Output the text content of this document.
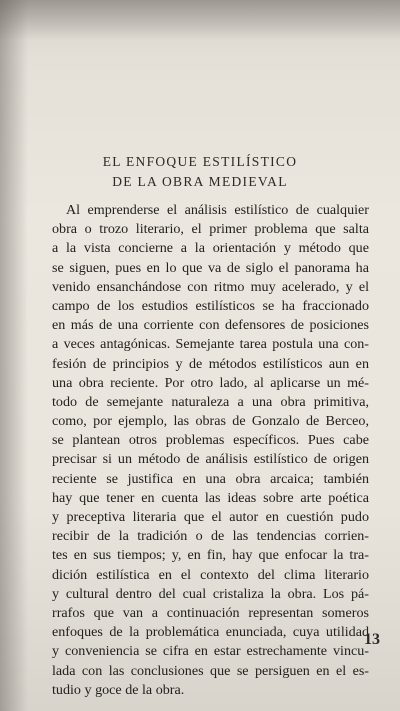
EL ENFOQUE ESTILÍSTICO
DE LA OBRA MEDIEVAL
Al emprenderse el análisis estilístico de cualquier
obra o trozo literario, el primer problema que salta
a la vista concierne a la orientación y método que
se siguen, pues en lo que va de siglo el panorama ha
venido ensanchándose con ritmo muy acelerado, y el
campo de los estudios estilísticos se ha fraccionado
en más de una corriente con defensores de posiciones
a veces antagónicas. Semejante tarea postula una con-
fesión de principios y de métodos estilísticos aun en
una obra reciente. Por otro lado, al aplicarse un mé-
todo de semejante naturaleza a una obra primitiva,
como, por ejemplo, las obras de Gonzalo de Berceo,
se plantean otros problemas específicos. Pues cabe
precisar si un método de análisis estilístico de origen
reciente se justifica en una obra arcaica; también
hay que tener en cuenta las ideas sobre arte poética
y preceptiva literaria que el autor en cuestión pudo
recibir de la tradición o de las tendencias corrien-
tes en sus tiempos; y, en fin, hay que enfocar la tra-
dición estilística en el contexto del clima literario
y cultural dentro del cual cristaliza la obra. Los pá-
rrafos que van a continuación representan someros
enfoques de la problemática enunciada, cuya utilidad
y conveniencia se cifra en estar estrechamente vincu-
lada con las conclusiones que se persiguen en el es-
tudio y goce de la obra.
13
